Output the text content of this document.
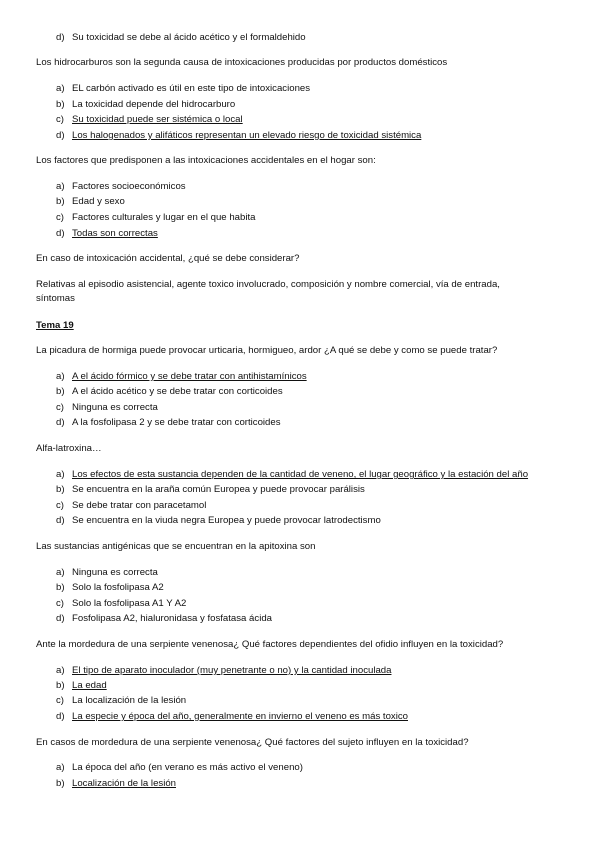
d) Su toxicidad se debe al ácido acético y el formaldehido
Los hidrocarburos son la segunda causa de intoxicaciones producidas por productos domésticos
a) EL carbón activado es útil en este tipo de intoxicaciones
b) La toxicidad depende del hidrocarburo
c) Su toxicidad puede ser sistémica o local
d) Los halogenados y alifáticos representan un elevado riesgo de toxicidad sistémica
Los factores que predisponen a las intoxicaciones accidentales en el hogar son:
a) Factores socioeconómicos
b) Edad y sexo
c) Factores culturales y lugar en el que habita
d) Todas son correctas
En caso de intoxicación accidental, ¿qué se debe considerar?
Relativas al episodio asistencial, agente toxico involucrado, composición y nombre comercial, vía de entrada,
síntomas
Tema 19
La picadura de hormiga puede provocar urticaria, hormigueo, ardor ¿A qué se debe y como se puede tratar?
a) A el ácido fórmico y se debe tratar con antihistamínicos
b) A el ácido acético y se debe tratar con corticoides
c) Ninguna es correcta
d) A la fosfolipasa 2 y se debe tratar con corticoides
Alfa-latroxina…
a) Los efectos de esta sustancia dependen de la cantidad de veneno, el lugar geográfico y la estación del año
b) Se encuentra en la araña común Europea y puede provocar parálisis
c) Se debe tratar con paracetamol
d) Se encuentra en la viuda negra Europea y puede provocar latrodectismo
Las sustancias antigénicas que se encuentran en la apitoxina son
a) Ninguna es correcta
b) Solo la fosfolipasa A2
c) Solo la fosfolipasa A1 Y A2
d) Fosfolipasa A2, hialuronidasa y fosfatasa ácida
Ante la mordedura de una serpiente venenosa¿ Qué factores dependientes del ofidio influyen en la toxicidad?
a) El tipo de aparato inoculador (muy penetrante o no) y la cantidad inoculada
b) La edad
c) La localización de la lesión
d) La especie y época del año, generalmente en invierno el veneno es más toxico
En casos de mordedura de una serpiente venenosa¿ Qué factores del sujeto influyen en la toxicidad?
a) La época del año (en verano es más activo el veneno)
b) Localización de la lesión
